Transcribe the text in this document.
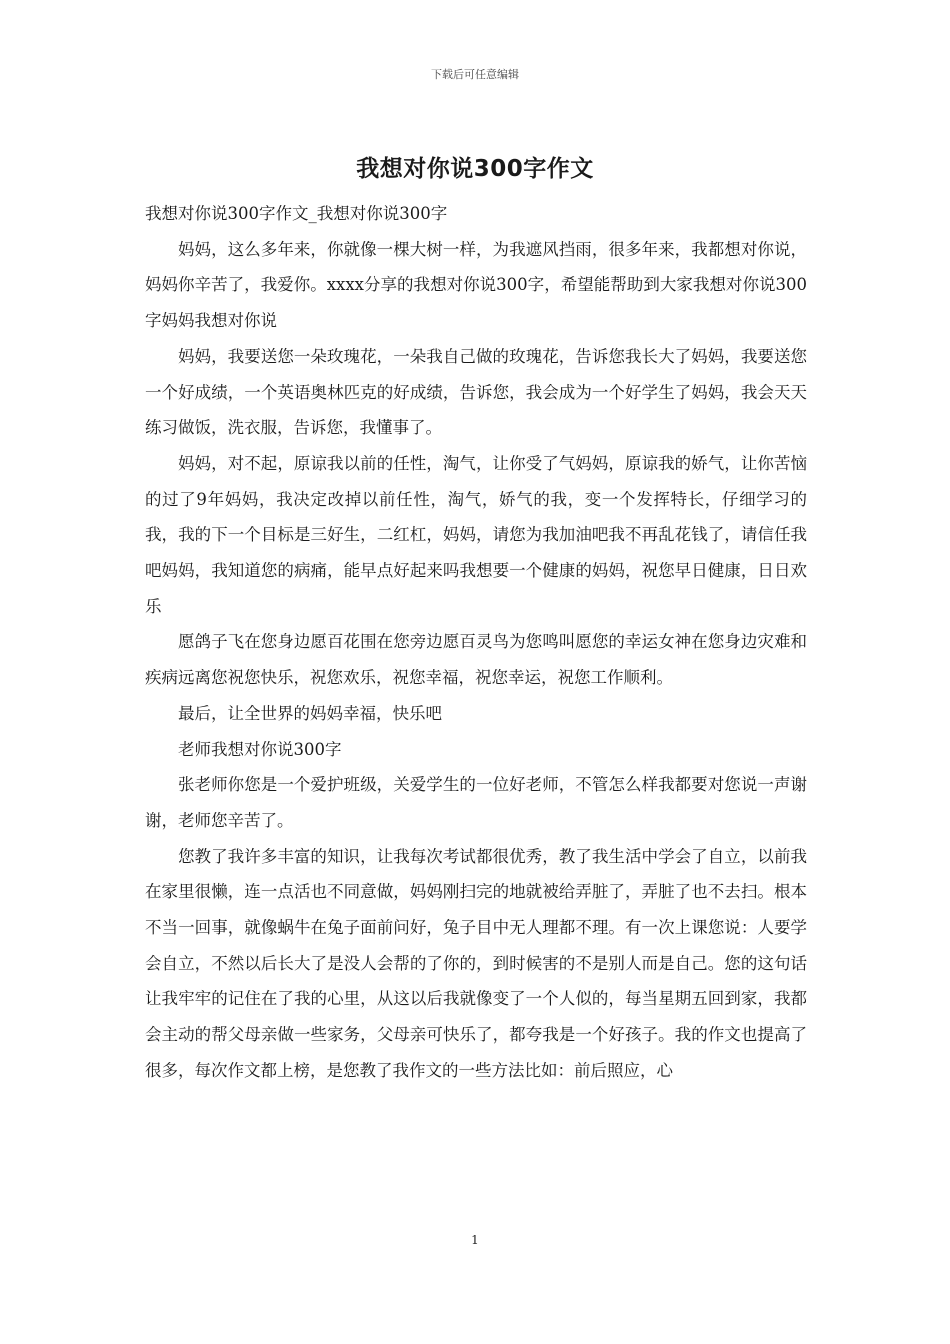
下载后可任意编辑
我想对你说300字作文

我想对你说300字作文_我想对你说300字

妈妈，这么多年来，你就像一棵大树一样，为我遮风挡雨，很多年来，我都想对你说，妈妈你辛苦了，我爱你。xxxx分享的我想对你说300字，希望能帮助到大家我想对你说300字妈妈我想对你说

妈妈，我要送您一朵玫瑰花，一朵我自己做的玫瑰花，告诉您我长大了妈妈，我要送您一个好成绩，一个英语奥林匹克的好成绩，告诉您，我会成为一个好学生了妈妈，我会天天练习做饭，洗衣服，告诉您，我懂事了。

妈妈，对不起，原谅我以前的任性，淘气，让你受了气妈妈，原谅我的娇气，让你苦恼的过了9年妈妈，我决定改掉以前任性，淘气，娇气的我，变一个发挥特长，仔细学习的我，我的下一个目标是三好生，二红杠，妈妈，请您为我加油吧我不再乱花钱了，请信任我吧妈妈，我知道您的病痛，能早点好起来吗我想要一个健康的妈妈，祝您早日健康，日日欢乐

愿鸽子飞在您身边愿百花围在您旁边愿百灵鸟为您鸣叫愿您的幸运女神在您身边灾难和疾病远离您祝您快乐，祝您欢乐，祝您幸福，祝您幸运，祝您工作顺利。

最后，让全世界的妈妈幸福，快乐吧

老师我想对你说300字

张老师你您是一个爱护班级，关爱学生的一位好老师，不管怎么样我都要对您说一声谢谢，老师您辛苦了。

您教了我许多丰富的知识，让我每次考试都很优秀，教了我生活中学会了自立，以前我在家里很懒，连一点活也不同意做，妈妈刚扫完的地就被给弄脏了，弄脏了也不去扫。根本不当一回事，就像蜗牛在兔子面前问好，兔子目中无人理都不理。有一次上课您说：人要学会自立，不然以后长大了是没人会帮的了你的，到时候害的不是别人而是自己。您的这句话让我牢牢的记住在了我的心里，从这以后我就像变了一个人似的，每当星期五回到家，我都会主动的帮父母亲做一些家务，父母亲可快乐了，都夸我是一个好孩子。我的作文也提高了很多，每次作文都上榜，是您教了我作文的一些方法比如：前后照应，心

1
